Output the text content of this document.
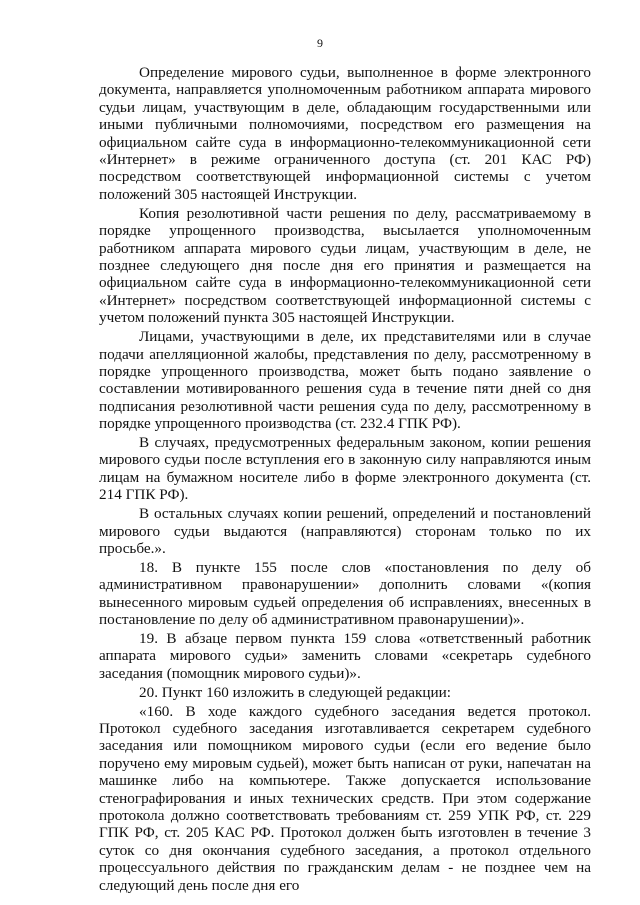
9

Определение мирового судьи, выполненное в форме электронного документа, направляется уполномоченным работником аппарата мирового судьи лицам, участвующим в деле, обладающим государственными или иными публичными полномочиями, посредством его размещения на официальном сайте суда в информационно-телекоммуникационной сети «Интернет» в режиме ограниченного доступа (ст. 201 КАС РФ) посредством соответствующей информационной системы с учетом положений 305 настоящей Инструкции.

Копия резолютивной части решения по делу, рассматриваемому в порядке упрощенного производства, высылается уполномоченным работником аппарата мирового судьи лицам, участвующим в деле, не позднее следующего дня после дня его принятия и размещается на официальном сайте суда в информационно-телекоммуникационной сети «Интернет» посредством соответствующей информационной системы с учетом положений пункта 305 настоящей Инструкции.

Лицами, участвующими в деле, их представителями или в случае подачи апелляционной жалобы, представления по делу, рассмотренному в порядке упрощенного производства, может быть подано заявление о составлении мотивированного решения суда в течение пяти дней со дня подписания резолютивной части решения суда по делу, рассмотренному в порядке упрощенного производства (ст. 232.4 ГПК РФ).

В случаях, предусмотренных федеральным законом, копии решения мирового судьи после вступления его в законную силу направляются иным лицам на бумажном носителе либо в форме электронного документа (ст. 214 ГПК РФ).

В остальных случаях копии решений, определений и постановлений мирового судьи выдаются (направляются) сторонам только по их просьбе.».

18. В пункте 155 после слов «постановления по делу об административном правонарушении» дополнить словами «(копия вынесенного мировым судьей определения об исправлениях, внесенных в постановление по делу об административном правонарушении)».

19. В абзаце первом пункта 159 слова «ответственный работник аппарата мирового судьи» заменить словами «секретарь судебного заседания (помощник мирового судьи)».

20. Пункт 160 изложить в следующей редакции:

«160. В ходе каждого судебного заседания ведется протокол. Протокол судебного заседания изготавливается секретарем судебного заседания или помощником мирового судьи (если его ведение было поручено ему мировым судьей), может быть написан от руки, напечатан на машинке либо на компьютере. Также допускается использование стенографирования и иных технических средств. При этом содержание протокола должно соответствовать требованиям ст. 259 УПК РФ, ст. 229 ГПК РФ, ст. 205 КАС РФ. Протокол должен быть изготовлен в течение 3 суток со дня окончания судебного заседания, а протокол отдельного процессуального действия по гражданским делам - не позднее чем на следующий день после дня его
